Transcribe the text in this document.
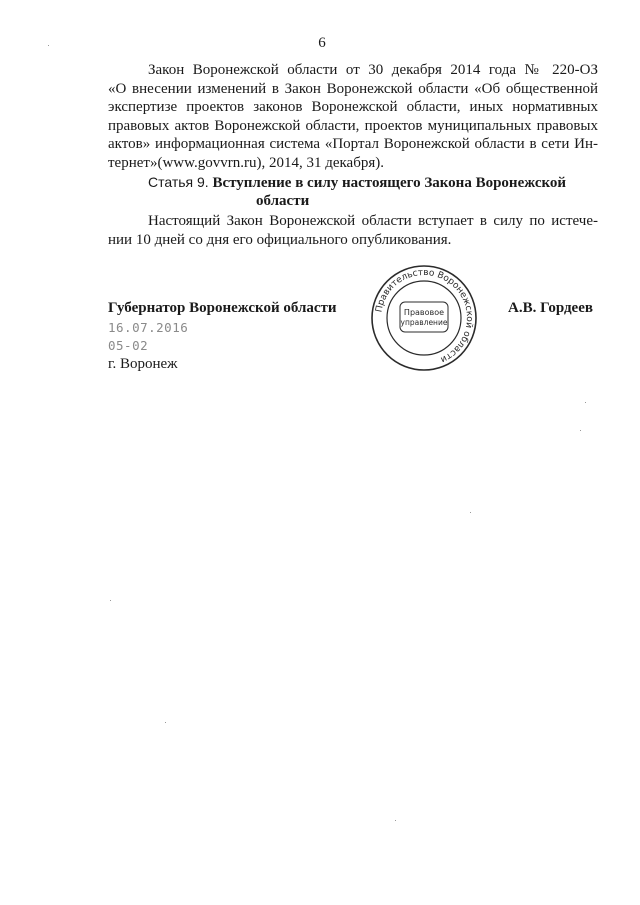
6
Закон Воронежской области от 30 декабря 2014 года № 220-ОЗ
«О внесении изменений в Закон Воронежской области «Об общественной
экспертизе проектов законов Воронежской области, иных нормативных
правовых актов Воронежской области, проектов муниципальных правовых
актов» информационная система «Портал Воронежской области в сети Ин-
тернет»(www.govvrn.ru), 2014, 31 декабря).
Статья 9. Вступление в силу настоящего Закона Воронежской
области
Настоящий Закон Воронежской области вступает в силу по истече-
нии 10 дней со дня его официального опубликования.
Губернатор Воронежской области
16.07.2016
05-02
г. Воронеж
А.В. Гордеев
Правительство Воронежской области
Правовое
управление
